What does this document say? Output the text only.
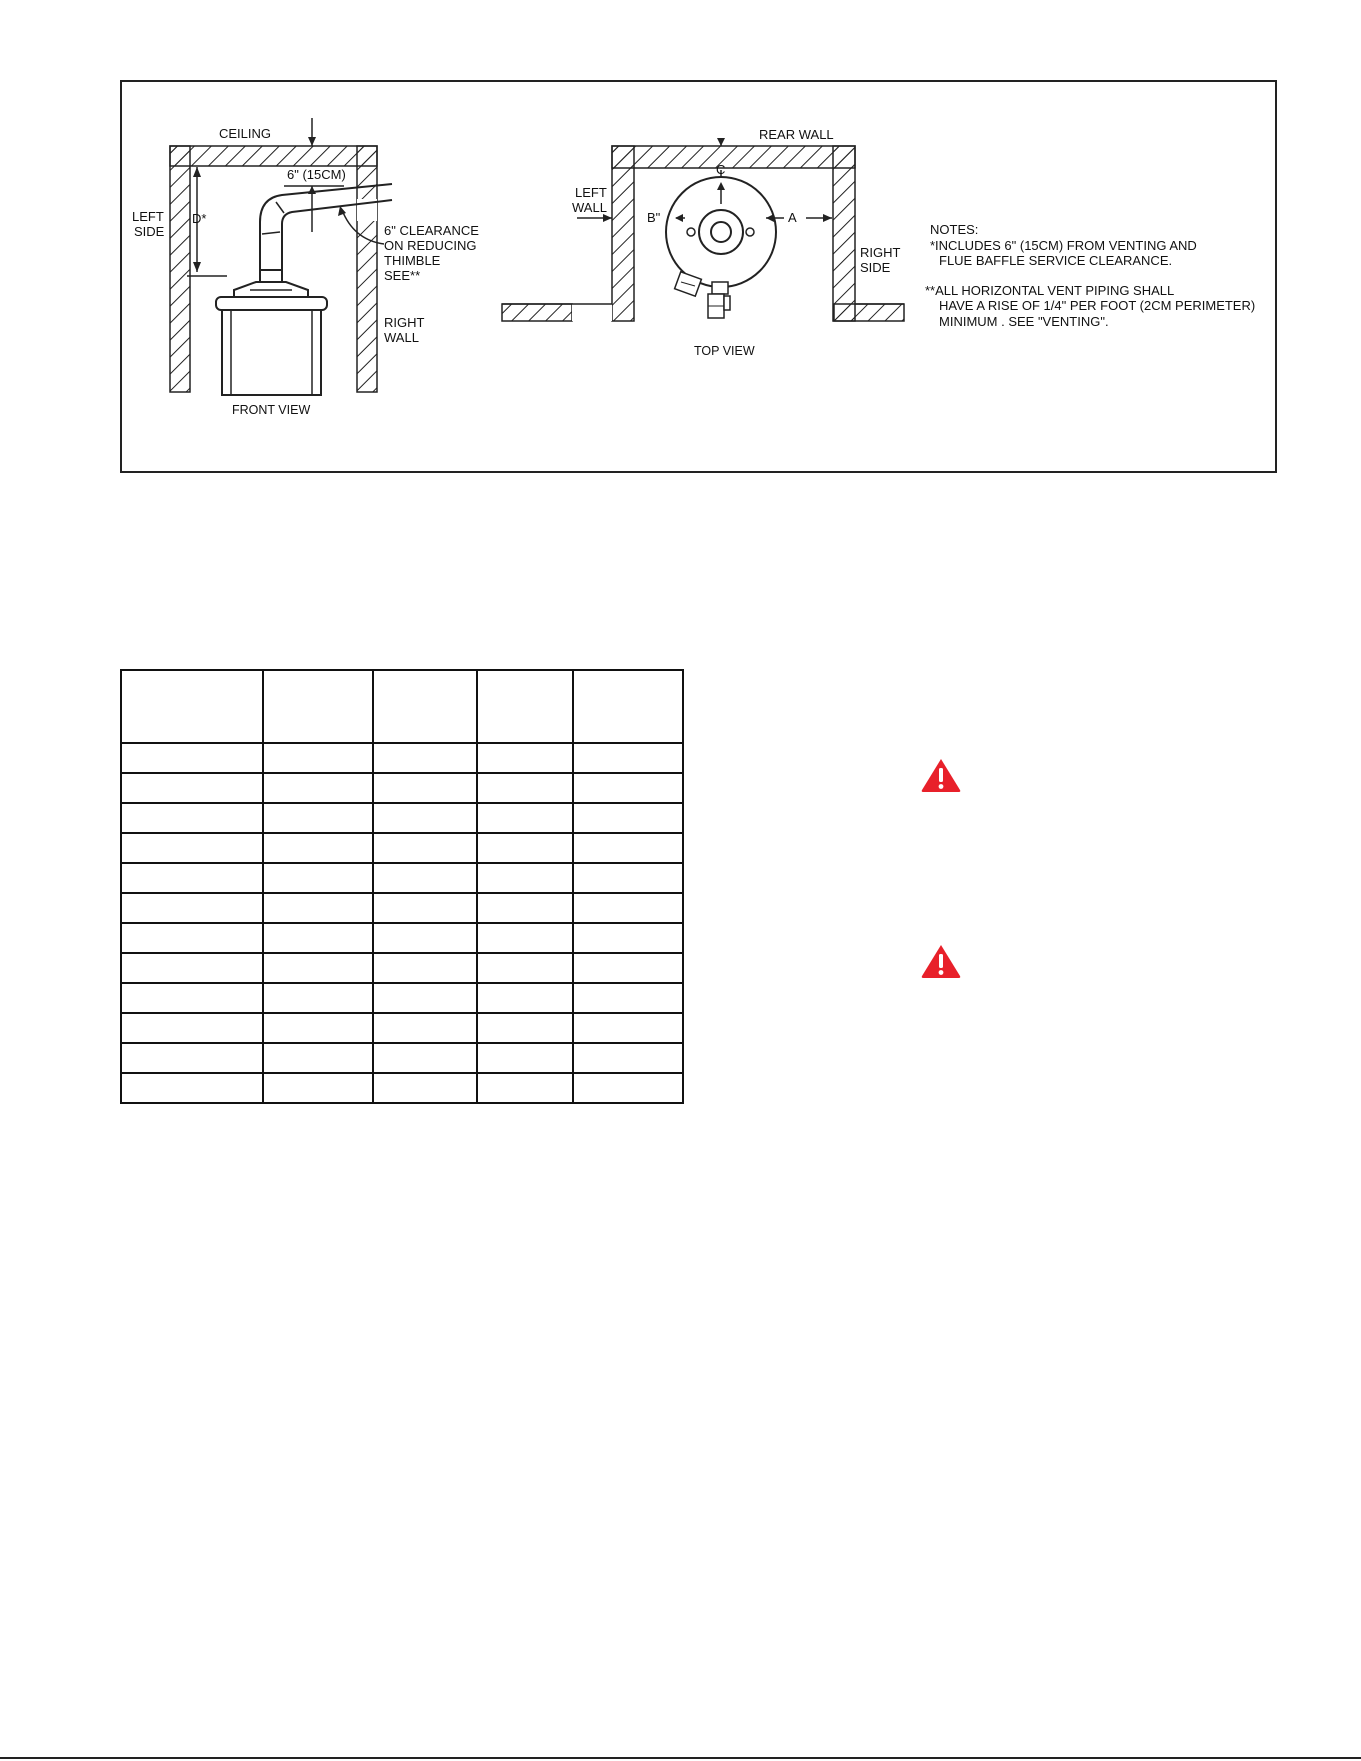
CEILING
LEFT
SIDE
D*
6" (15CM)
6" CLEARANCE
ON REDUCING
THIMBLE
SEE**
RIGHT
WALL
FRONT VIEW
REAR WALL
LEFT
WALL
C
B"	A
RIGHT
SIDE
TOP VIEW
NOTES:
*INCLUDES 6" (15CM) FROM VENTING AND
FLUE BAFFLE SERVICE CLEARANCE.
**ALL HORIZONTAL VENT PIPING SHALL
HAVE A RISE OF 1/4" PER FOOT (2CM PERIMETER)
MINIMUM . SEE "VENTING".
